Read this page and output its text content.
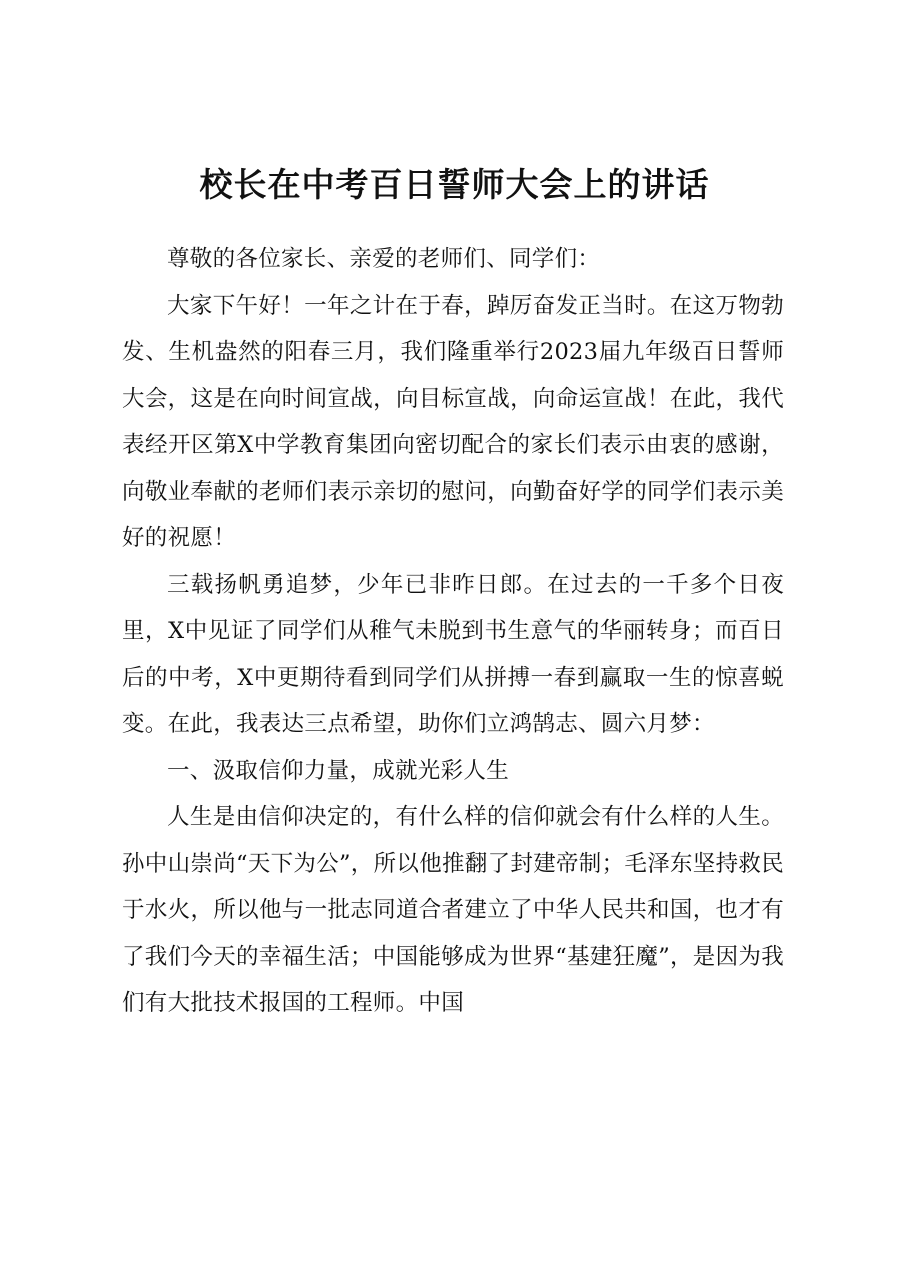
校长在中考百日誓师大会上的讲话

尊敬的各位家长、亲爱的老师们、同学们：

大家下午好！一年之计在于春，踔厉奋发正当时。在这万物勃发、生机盎然的阳春三月，我们隆重举行2023届九年级百日誓师大会，这是在向时间宣战，向目标宣战，向命运宣战！在此，我代表经开区第X中学教育集团向密切配合的家长们表示由衷的感谢，向敬业奉献的老师们表示亲切的慰问，向勤奋好学的同学们表示美好的祝愿！

三载扬帆勇追梦，少年已非昨日郎。在过去的一千多个日夜里，X中见证了同学们从稚气未脱到书生意气的华丽转身；而百日后的中考，X中更期待看到同学们从拼搏一春到赢取一生的惊喜蜕变。在此，我表达三点希望，助你们立鸿鹄志、圆六月梦：

一、汲取信仰力量，成就光彩人生

人生是由信仰决定的，有什么样的信仰就会有什么样的人生。孙中山崇尚“天下为公”，所以他推翻了封建帝制；毛泽东坚持救民于水火，所以他与一批志同道合者建立了中华人民共和国，也才有了我们今天的幸福生活；中国能够成为世界“基建狂魔”，是因为我们有大批技术报国的工程师。中国
